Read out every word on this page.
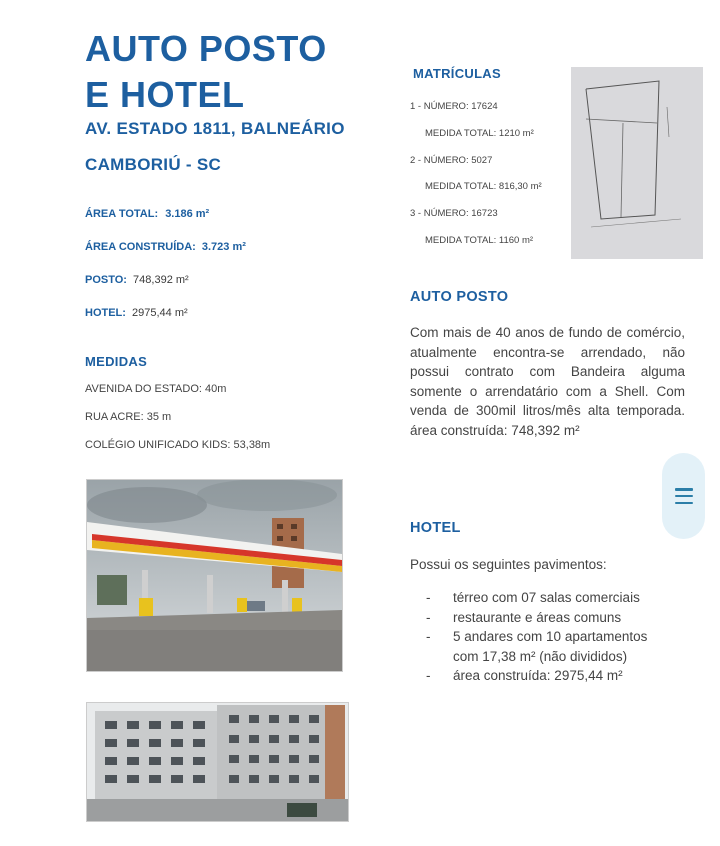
AUTO POSTO
E HOTEL
AV. ESTADO 1811, BALNEÁRIO
CAMBORIÚ - SC
ÁREA TOTAL: 3.186 m²
ÁREA CONSTRUÍDA: 3.723 m²
POSTO: 748,392 m²
HOTEL: 2975,44 m²
MEDIDAS
AVENIDA DO ESTADO: 40m
RUA ACRE: 35 m
COLÉGIO UNIFICADO KIDS: 53,38m
MATRÍCULAS
1 - NÚMERO: 17624
MEDIDA TOTAL: 1210 m²
2 - NÚMERO: 5027
MEDIDA TOTAL: 816,30 m²
3 - NÚMERO: 16723
MEDIDA TOTAL: 1160 m²
AUTO POSTO
Com mais de 40 anos de fundo de comércio, atualmente encontra-se arrendado, não possui contrato com Bandeira alguma somente o arrendatário com a Shell. Com venda de 300mil litros/mês alta temporada. área construída: 748,392 m²
HOTEL
Possui os seguintes pavimentos:
- térreo com 07 salas comerciais
- restaurante e áreas comuns
- 5 andares com 10 apartamentos com 17,38 m² (não divididos)
- área construída: 2975,44 m²
